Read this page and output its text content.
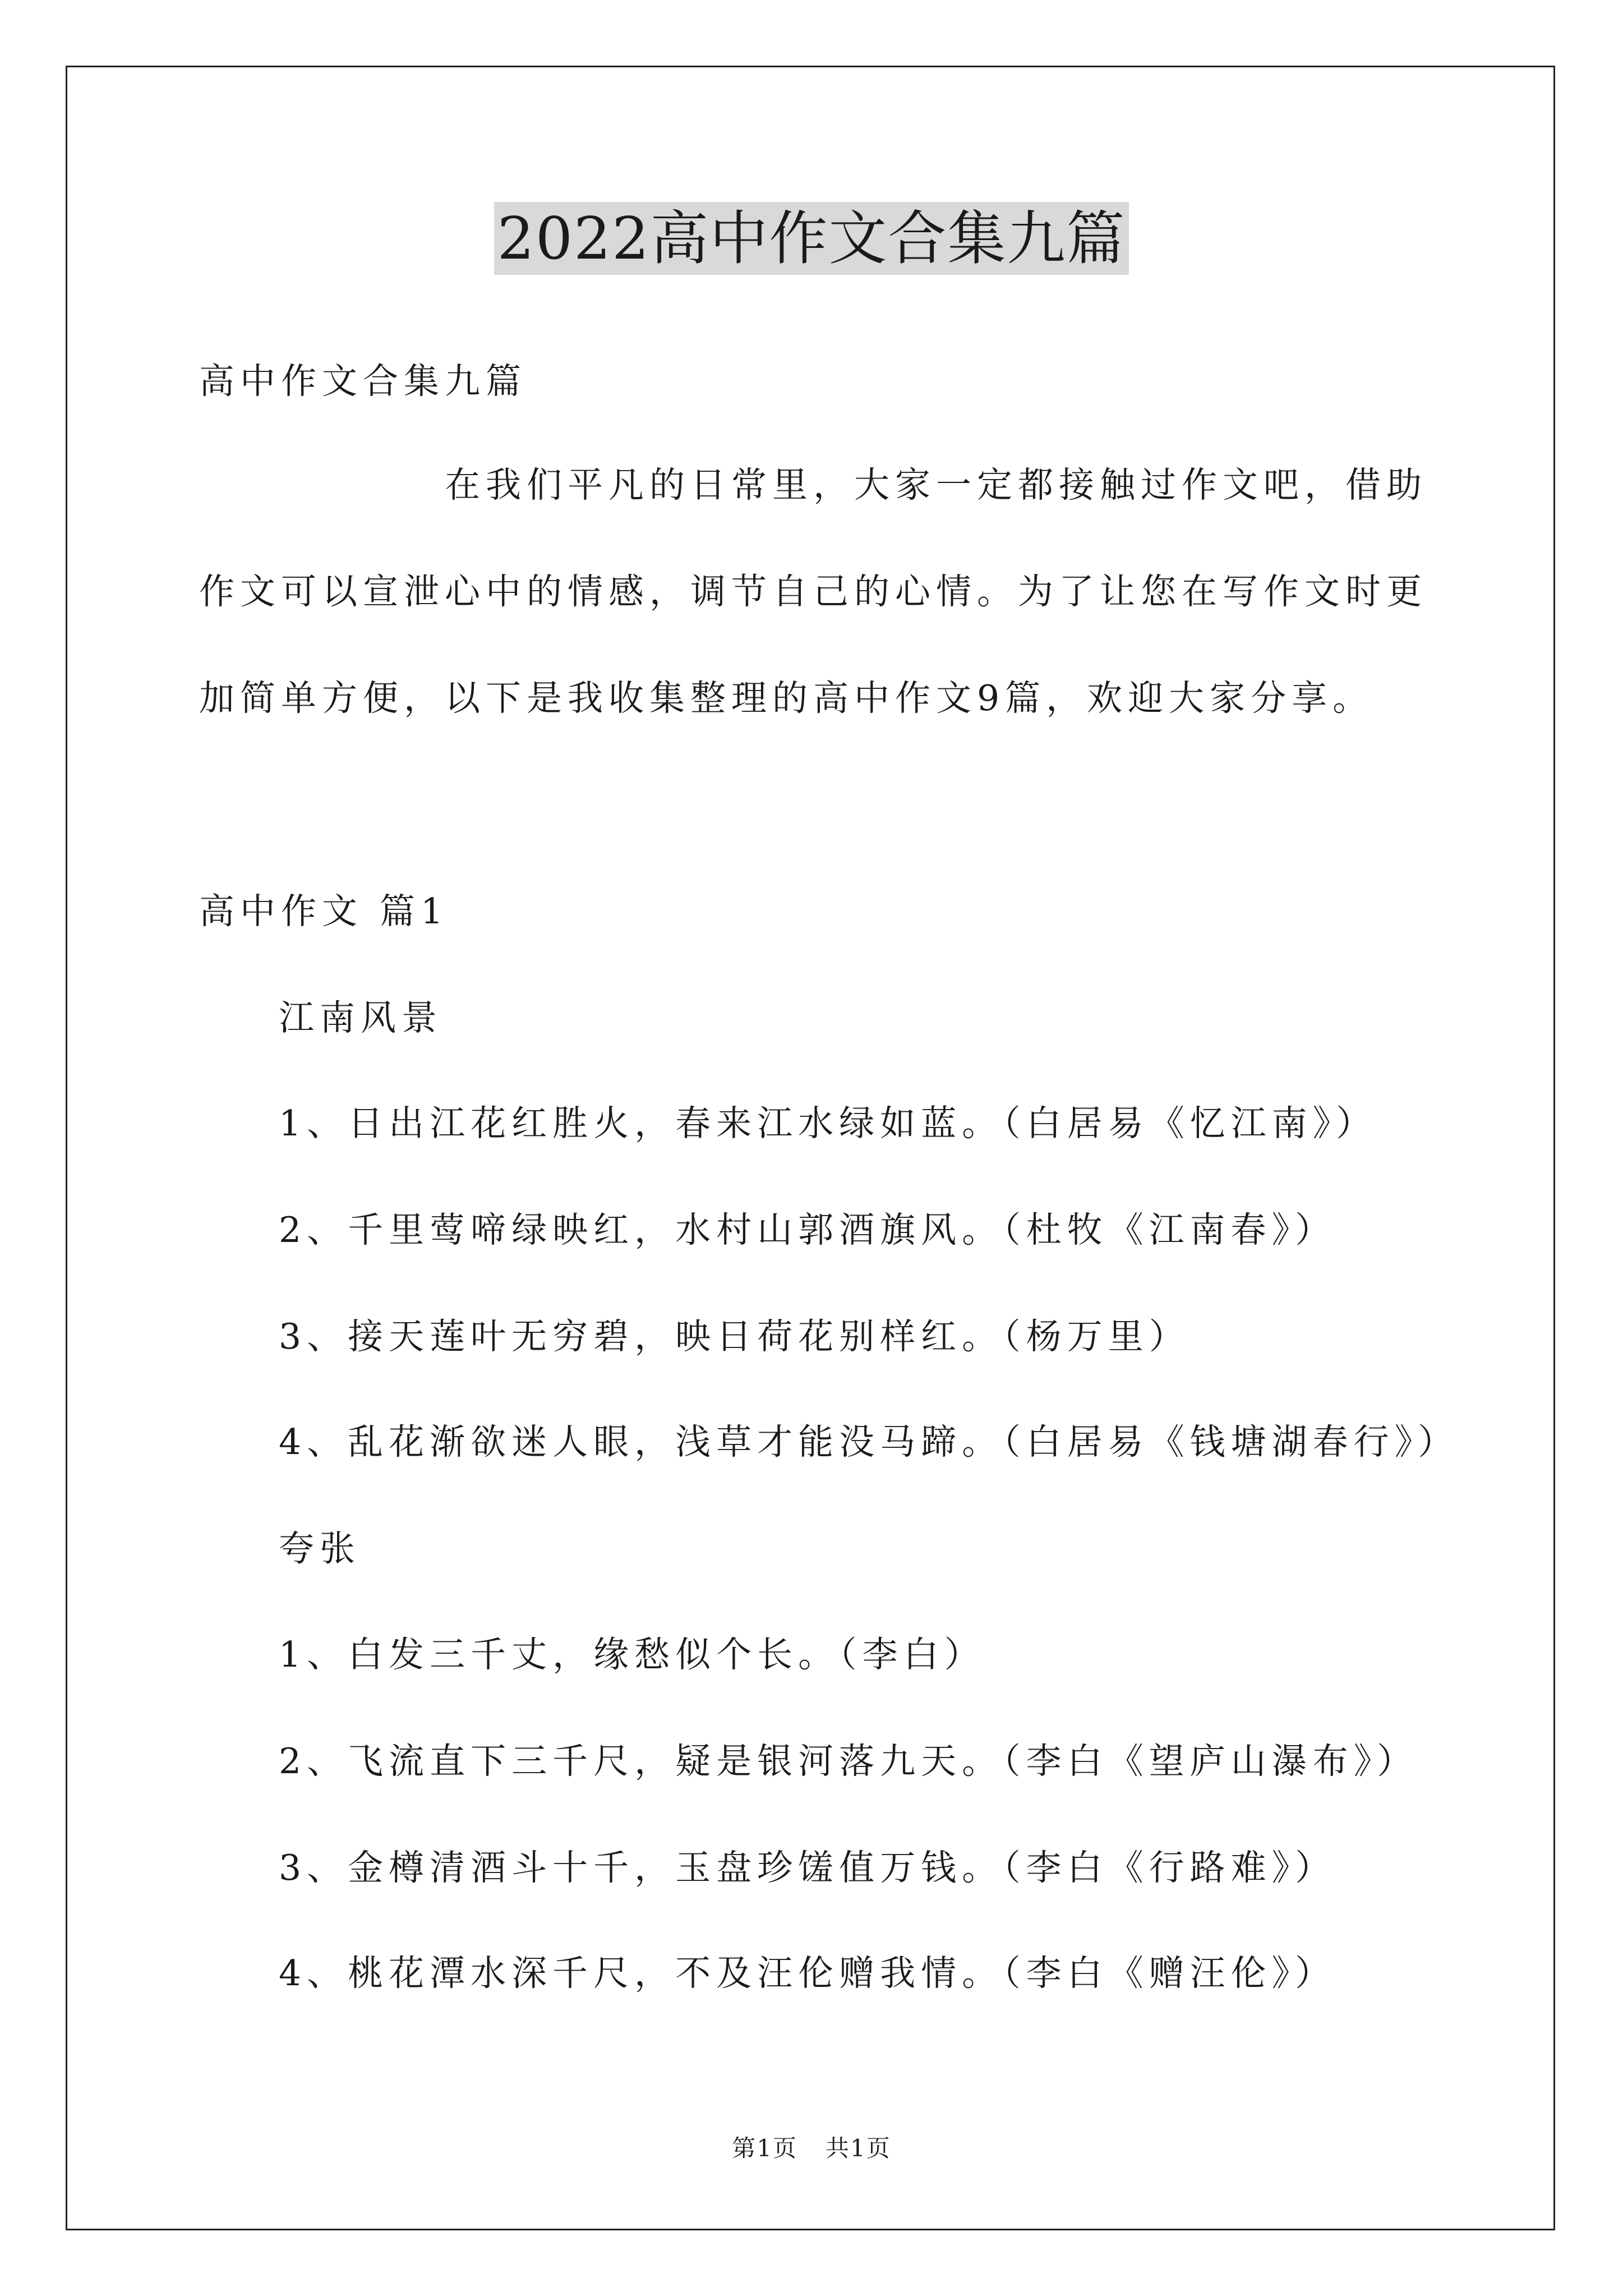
2022高中作文合集九篇
高中作文合集九篇
在我们平凡的日常里，大家一定都接触过作文吧，借助
作文可以宣泄心中的情感，调节自己的心情。为了让您在写作文时更
加简单方便，以下是我收集整理的高中作文9篇，欢迎大家分享。
高中作文 篇1
江南风景
1、日出江花红胜火，春来江水绿如蓝。（白居易《忆江南》）
2、千里莺啼绿映红，水村山郭酒旗风。（杜牧《江南春》）
3、接天莲叶无穷碧，映日荷花别样红。（杨万里）
4、乱花渐欲迷人眼，浅草才能没马蹄。（白居易《钱塘湖春行》）
夸张
1、白发三千丈，缘愁似个长。（李白）
2、飞流直下三千尺，疑是银河落九天。（李白《望庐山瀑布》）
3、金樽清酒斗十千，玉盘珍馐值万钱。（李白《行路难》）
4、桃花潭水深千尺，不及汪伦赠我情。（李白《赠汪伦》）
第1页 共1页
